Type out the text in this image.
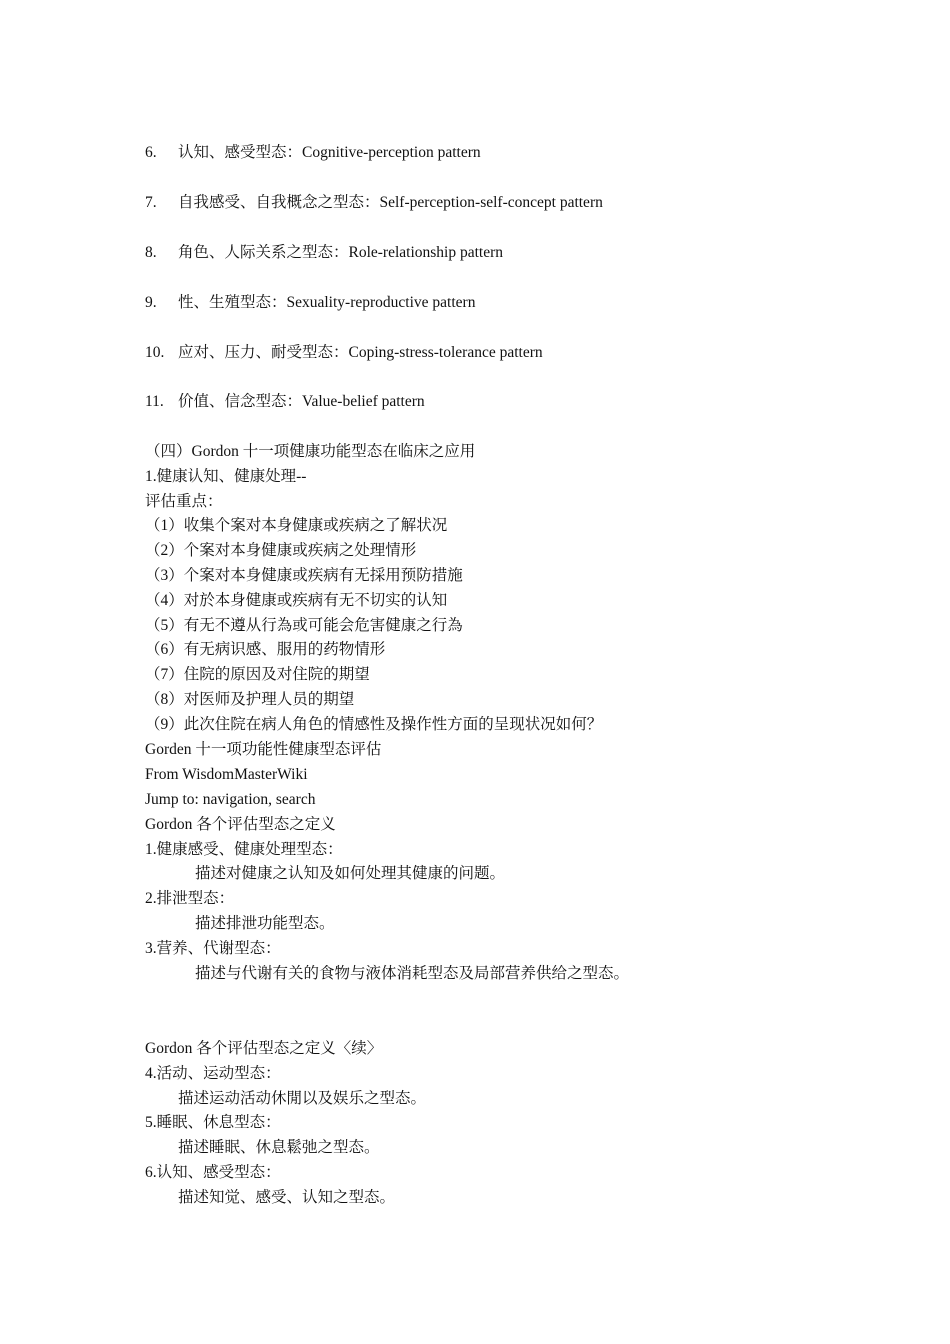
6. 认知、感受型态：Cognitive-perception pattern
7. 自我感受、自我概念之型态：Self-perception-self-concept pattern
8. 角色、人际关系之型态：Role-relationship pattern
9. 性、生殖型态：Sexuality-reproductive pattern
10. 应对、压力、耐受型态：Coping-stress-tolerance pattern
11. 价值、信念型态：Value-belief pattern
（四）Gordon 十一项健康功能型态在临床之应用
1.健康认知、健康处理--
评估重点：
（1）收集个案对本身健康或疾病之了解状况
（2）个案对本身健康或疾病之处理情形
（3）个案对本身健康或疾病有无採用预防措施
（4）对於本身健康或疾病有无不切实的认知
（5）有无不遵从行為或可能会危害健康之行為
（6）有无病识感、服用的药物情形
（7）住院的原因及对住院的期望
（8）对医师及护理人员的期望
（9）此次住院在病人角色的情感性及操作性方面的呈现状况如何？
Gorden 十一项功能性健康型态评估
From WisdomMasterWiki
Jump to: navigation, search
Gordon 各个评估型态之定义
1.健康感受、健康处理型态：
描述对健康之认知及如何处理其健康的问题。
2.排泄型态：
描述排泄功能型态。
3.营养、代谢型态：
描述与代谢有关的食物与液体消耗型态及局部营养供给之型态。
Gordon 各个评估型态之定义〈续〉
4.活动、运动型态：
描述运动活动休閒以及娱乐之型态。
5.睡眠、休息型态：
描述睡眠、休息鬆弛之型态。
6.认知、感受型态：
描述知觉、感受、认知之型态。
